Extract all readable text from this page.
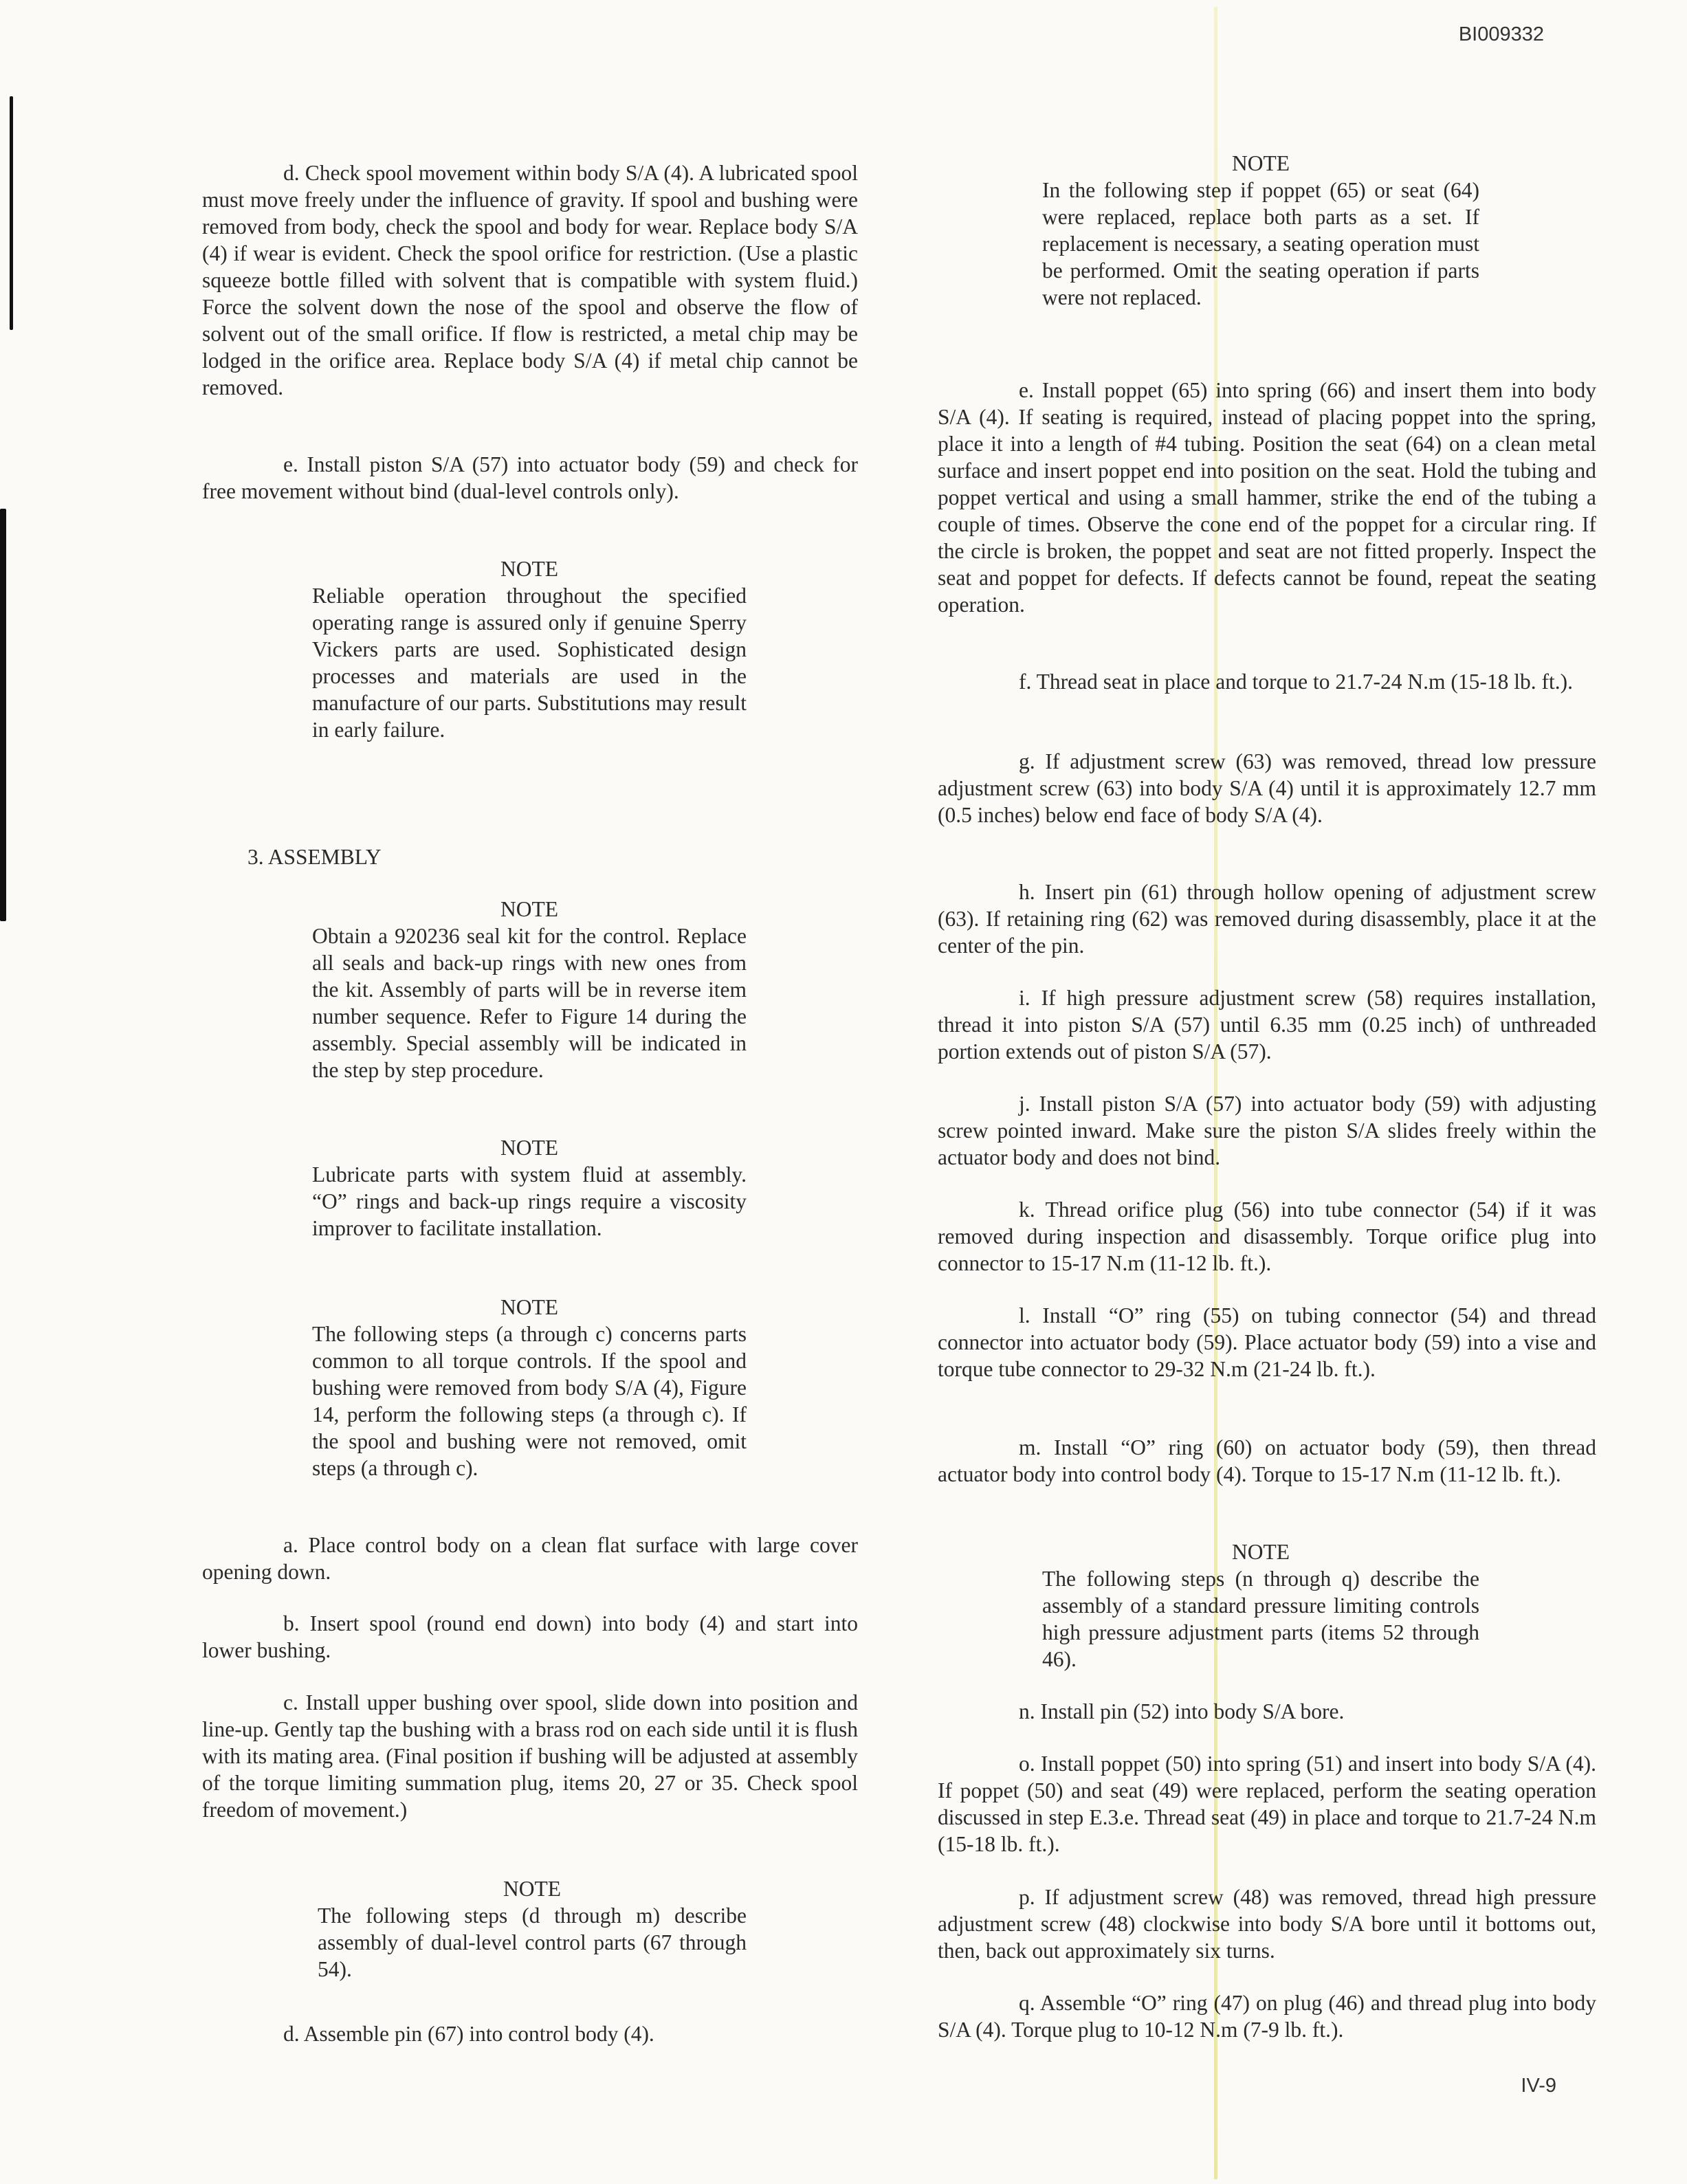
BI009332

d. Check spool movement within body S/A (4). A lubricated spool must move freely under the influence of gravity. If spool and bushing were removed from body, check the spool and body for wear. Replace body S/A (4) if wear is evident. Check the spool orifice for restriction. (Use a plastic squeeze bottle filled with solvent that is compatible with system fluid.) Force the solvent down the nose of the spool and observe the flow of solvent out of the small orifice. If flow is restricted, a metal chip may be lodged in the orifice area. Replace body S/A (4) if metal chip cannot be removed.

e. Install piston S/A (57) into actuator body (59) and check for free movement without bind (dual-level controls only).

NOTE
Reliable operation throughout the specified operating range is assured only if genuine Sperry Vickers parts are used. Sophisticated design processes and materials are used in the manufacture of our parts. Substitutions may result in early failure.
3. ASSEMBLY
NOTE
Obtain a 920236 seal kit for the control. Replace all seals and back-up rings with new ones from the kit. Assembly of parts will be in reverse item number sequence. Refer to Figure 14 during the assembly. Special assembly will be indicated in the step by step procedure.
NOTE
Lubricate parts with system fluid at assembly. “O” rings and back-up rings require a viscosity improver to facilitate installation.
NOTE
The following steps (a through c) concerns parts common to all torque controls. If the spool and bushing were removed from body S/A (4), Figure 14, perform the following steps (a through c). If the spool and bushing were not removed, omit steps (a through c).

a. Place control body on a clean flat surface with large cover opening down.

b. Insert spool (round end down) into body (4) and start into lower bushing.

c. Install upper bushing over spool, slide down into position and line-up. Gently tap the bushing with a brass rod on each side until it is flush with its mating area. (Final position if bushing will be adjusted at assembly of the torque limiting summation plug, items 20, 27 or 35. Check spool freedom of movement.)

NOTE
The following steps (d through m) describe assembly of dual-level control parts (67 through 54).

d. Assemble pin (67) into control body (4).

NOTE
In the following step if poppet (65) or seat (64) were replaced, replace both parts as a set. If replacement is necessary, a seating operation must be performed. Omit the seating operation if parts were not replaced.

e. Install poppet (65) into spring (66) and insert them into body S/A (4). If seating is required, instead of placing poppet into the spring, place it into a length of #4 tubing. Position the seat (64) on a clean metal surface and insert poppet end into position on the seat. Hold the tubing and poppet vertical and using a small hammer, strike the end of the tubing a couple of times. Observe the cone end of the poppet for a circular ring. If the circle is broken, the poppet and seat are not fitted properly. Inspect the seat and poppet for defects. If defects cannot be found, repeat the seating operation.

f. Thread seat in place and torque to 21.7-24 N.m (15-18 lb. ft.).

g. If adjustment screw (63) was removed, thread low pressure adjustment screw (63) into body S/A (4) until it is approximately 12.7 mm (0.5 inches) below end face of body S/A (4).

h. Insert pin (61) through hollow opening of adjustment screw (63). If retaining ring (62) was removed during disassembly, place it at the center of the pin.

i. If high pressure adjustment screw (58) requires installation, thread it into piston S/A (57) until 6.35 mm (0.25 inch) of unthreaded portion extends out of piston S/A (57).

j. Install piston S/A (57) into actuator body (59) with adjusting screw pointed inward. Make sure the piston S/A slides freely within the actuator body and does not bind.

k. Thread orifice plug (56) into tube connector (54) if it was removed during inspection and disassembly. Torque orifice plug into connector to 15-17 N.m (11-12 lb. ft.).

l. Install “O” ring (55) on tubing connector (54) and thread connector into actuator body (59). Place actuator body (59) into a vise and torque tube connector to 29-32 N.m (21-24 lb. ft.).

m. Install “O” ring (60) on actuator body (59), then thread actuator body into control body (4). Torque to 15-17 N.m (11-12 lb. ft.).

NOTE
The following steps (n through q) describe the assembly of a standard pressure limiting controls high pressure adjustment parts (items 52 through 46).

n. Install pin (52) into body S/A bore.

o. Install poppet (50) into spring (51) and insert into body S/A (4). If poppet (50) and seat (49) were replaced, perform the seating operation discussed in step E.3.e. Thread seat (49) in place and torque to 21.7-24 N.m (15-18 lb. ft.).

p. If adjustment screw (48) was removed, thread high pressure adjustment screw (48) clockwise into body S/A bore until it bottoms out, then, back out approximately six turns.

q. Assemble “O” ring (47) on plug (46) and thread plug into body S/A (4). Torque plug to 10-12 N.m (7-9 lb. ft.).

IV-9
